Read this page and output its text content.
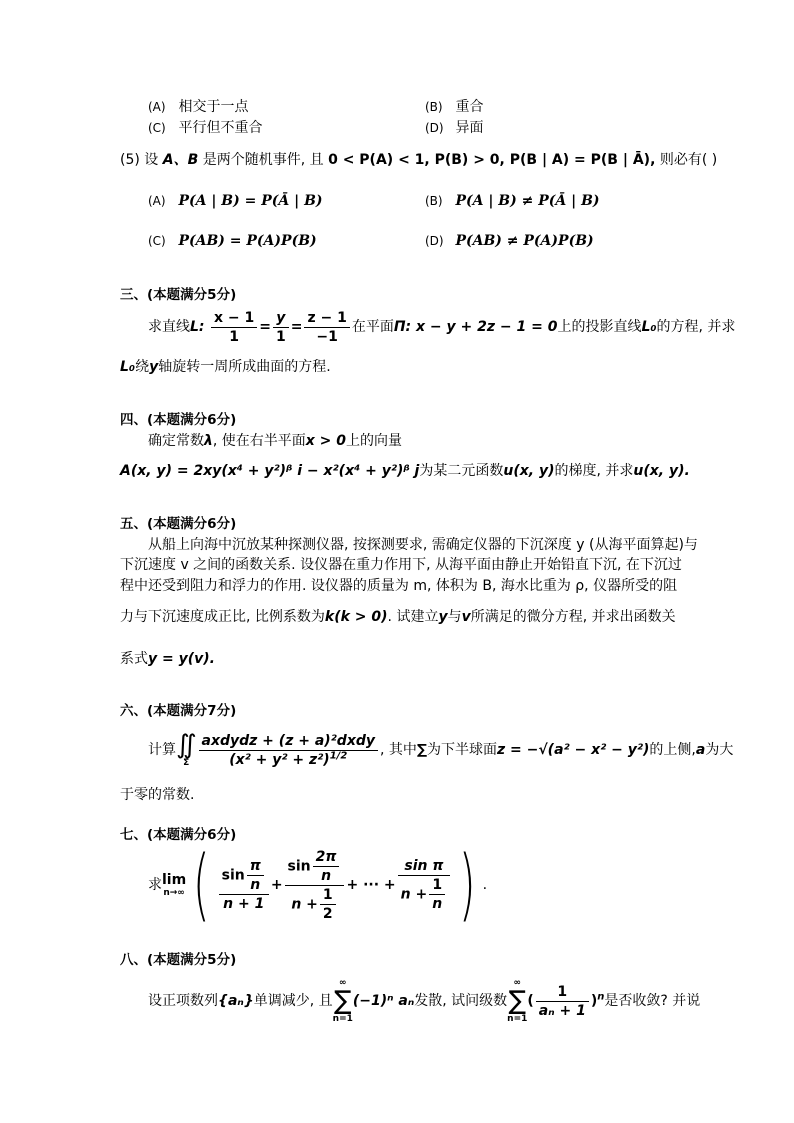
(A) 相交于一点	(B) 重合
(C) 平行但不重合	(D) 异面
(5) 设 A、B 是两个随机事件, 且 0 < P(A) < 1, P(B) > 0, P(B | A) = P(B | Ā), 则必有( )
(A) P(A | B) = P(Ā | B)	(B) P(A | B) ≠ P(Ā | B)
(C) P(AB) = P(A)P(B)	(D) P(AB) ≠ P(A)P(B)
三、(本题满分5分)
求直线L: $\frac{x - 1}{1} = \frac{y}{1} = \frac{z - 1}{-1}$ 在平面Π: x − y + 2z − 1 = 0上的投影直线L₀的方程, 并求
L₀绕y轴旋转一周所成曲面的方程.
四、(本题满分6分)
确定常数λ, 使在右半平面x > 0上的向量
A(x, y) = 2xy(x⁴ + y²)ᵝ i − x²(x⁴ + y²)ᵝ j为某二元函数u(x, y)的梯度, 并求u(x, y).
五、(本题满分6分)
从船上向海中沉放某种探测仪器, 按探测要求, 需确定仪器的下沉深度 y (从海平面算起)与
下沉速度 v 之间的函数关系. 设仪器在重力作用下, 从海平面由静止开始铅直下沉, 在下沉过
程中还受到阻力和浮力的作用. 设仪器的质量为 m, 体积为 B, 海水比重为 ρ, 仪器所受的阻
力与下沉速度成正比, 比例系数为k(k > 0). 试建立y与v所满足的微分方程, 并求出函数关
系式y = y(v).
六、(本题满分7分)
计算 ∬
Σ $\frac{\text{axdydz + (z + a)²dxdy}}{(x^2 + y^2 + z^2)^{1/2}}$ , 其中∑为下半球面z = −√(a² − x² − y²)的上侧,a为大
于零的常数.
七、(本题满分6分)
求 lim
n→∞ ( $\frac{\sin \frac{\pi}{n}}{n + 1} + \frac{\sin \frac{2\pi}{n}}{n + \frac{1}{2}}$ + ··· + $\frac{\text{sin π}}{n + \frac{1}{n}}$ ) .
八、(本题满分5分)
设正项数列{aₙ}单调减少, 且
∞
∑
n=1
(−1)ⁿ aₙ发散, 试问级数
∞
∑
n=1
( $\frac{1}{\text{aₙ + 1}} )^n$是否收敛? 并说
